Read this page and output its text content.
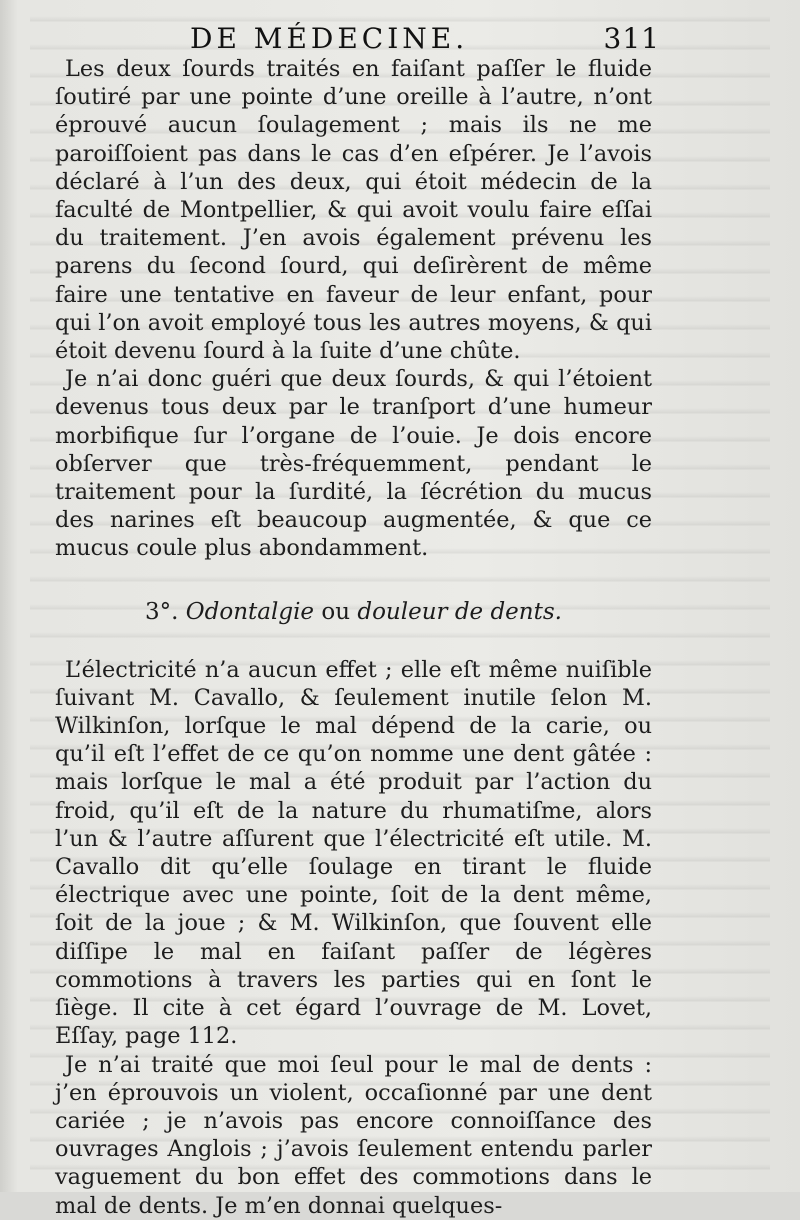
DE MÉDECINE.	311

Les deux ſourds traités en faiſant paſſer le fluide ſoutiré par une pointe d’une oreille à l’autre, n’ont éprouvé aucun ſoulagement ; mais ils ne me paroiſſoient pas dans le cas d’en eſpérer. Je l’avois déclaré à l’un des deux, qui étoit médecin de la faculté de Montpellier, & qui avoit voulu faire eſſai du traitement. J’en avois également prévenu les parens du ſecond ſourd, qui deſirèrent de même faire une tentative en faveur de leur enfant, pour qui l’on avoit employé tous les autres moyens, & qui étoit devenu ſourd à la ſuite d’une chûte.

Je n’ai donc guéri que deux ſourds, & qui l’étoient devenus tous deux par le tranſport d’une humeur morbifique ſur l’organe de l’ouie. Je dois encore obſerver que très-fréquemment, pendant le traitement pour la ſurdité, la ſécrétion du mucus des narines eſt beaucoup augmentée, & que ce mucus coule plus abondamment.

3°. Odontalgie ou douleur de dents.

L’électricité n’a aucun effet ; elle eſt même nuiſible ſuivant M. Cavallo, & ſeulement inutile ſelon M. Wilkinſon, lorſque le mal dépend de la carie, ou qu’il eſt l’effet de ce qu’on nomme une dent gâtée : mais lorſque le mal a été produit par l’action du froid, qu’il eſt de la nature du rhumatiſme, alors l’un & l’autre aſſurent que l’électricité eſt utile. M. Cavallo dit qu’elle ſoulage en tirant le fluide électrique avec une pointe, ſoit de la dent même, ſoit de la joue ; & M. Wilkinſon, que ſouvent elle diſſipe le mal en faiſant paſſer de légères commotions à travers les parties qui en ſont le ſiège. Il cite à cet égard l’ouvrage de M. Lovet, Eſſay, page 112.

Je n’ai traité que moi ſeul pour le mal de dents : j’en éprouvois un violent, occaſionné par une dent cariée ; je n’avois pas encore connoiſſance des ouvrages Anglois ; j’avois ſeulement entendu parler vaguement du bon effet des commotions dans le mal de dents. Je m’en donnai quelques-
